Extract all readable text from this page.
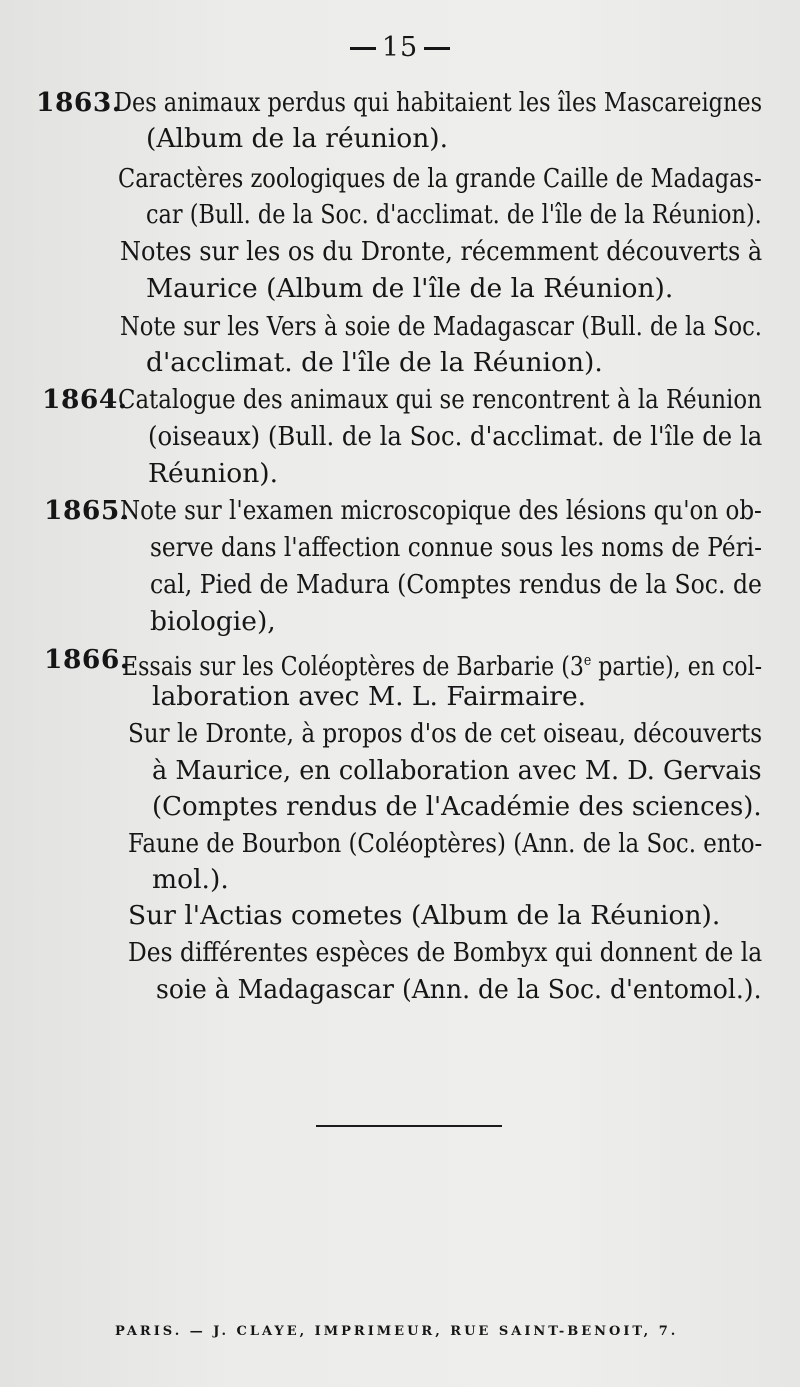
15
1863.
Des animaux perdus qui habitaient les îles Mascareignes
(Album de la réunion).
Caractères zoologiques de la grande Caille de Madagas-
car (Bull. de la Soc. d'acclimat. de l'île de la Réunion).
Notes sur les os du Dronte, récemment découverts à
Maurice (Album de l'île de la Réunion).
Note sur les Vers à soie de Madagascar (Bull. de la Soc.
d'acclimat. de l'île de la Réunion).
1864.
Catalogue des animaux qui se rencontrent à la Réunion
(oiseaux) (Bull. de la Soc. d'acclimat. de l'île de la
Réunion).
1865.
Note sur l'examen microscopique des lésions qu'on ob-
serve dans l'affection connue sous les noms de Péri-
cal, Pied de Madura (Comptes rendus de la Soc. de
biologie),
1866.
Essais sur les Coléoptères de Barbarie (3e partie), en col-
laboration avec M. L. Fairmaire.
Sur le Dronte, à propos d'os de cet oiseau, découverts
à Maurice, en collaboration avec M. D. Gervais
(Comptes rendus de l'Académie des sciences).
Faune de Bourbon (Coléoptères) (Ann. de la Soc. ento-
mol.).
Sur l'Actias cometes (Album de la Réunion).
Des différentes espèces de Bombyx qui donnent de la
soie à Madagascar (Ann. de la Soc. d'entomol.).
PARIS. — J. CLAYE, IMPRIMEUR, RUE SAINT-BENOIT, 7.
